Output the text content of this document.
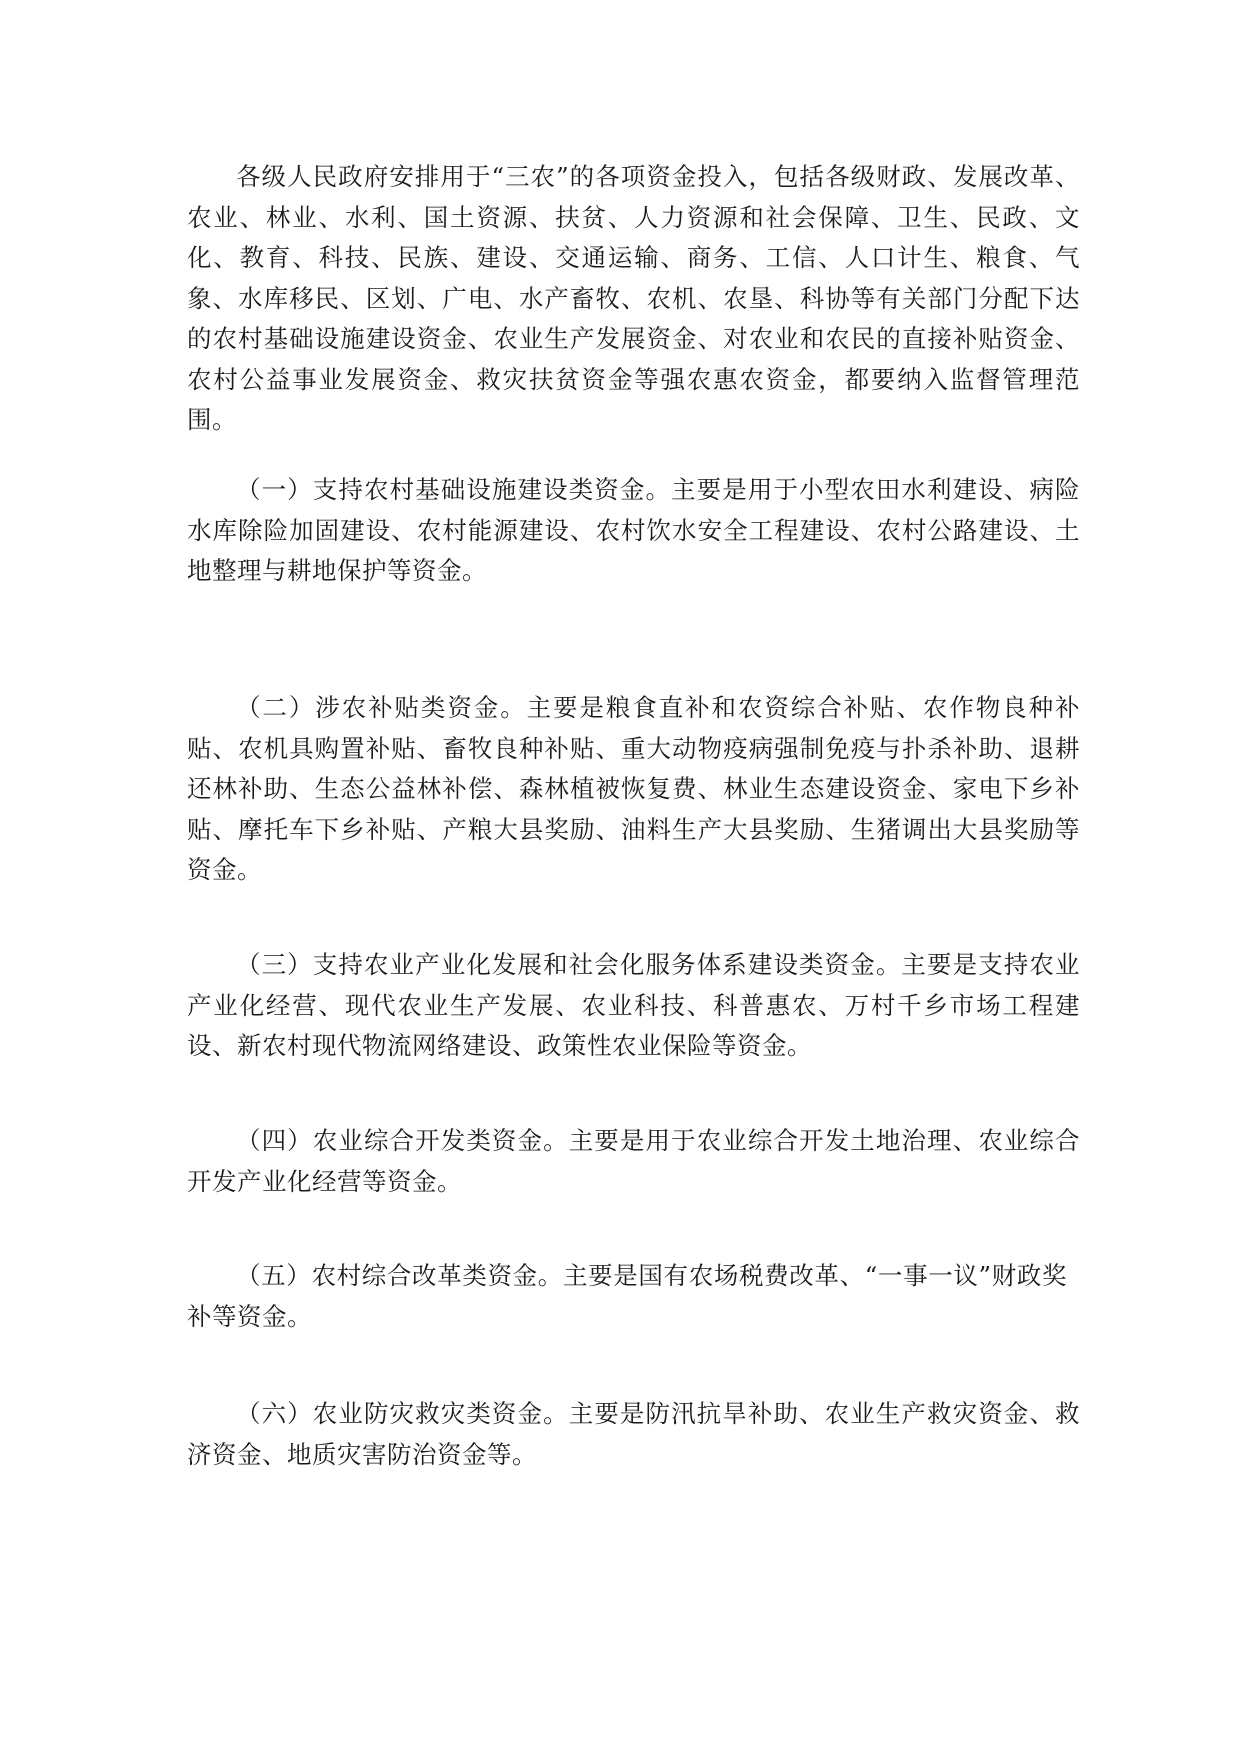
各级人民政府安排用于“三农”的各项资金投入，包括各级财政、发展改革、农业、林业、水利、国土资源、扶贫、人力资源和社会保障、卫生、民政、文化、教育、科技、民族、建设、交通运输、商务、工信、人口计生、粮食、气象、水库移民、区划、广电、水产畜牧、农机、农垦、科协等有关部门分配下达的农村基础设施建设资金、农业生产发展资金、对农业和农民的直接补贴资金、农村公益事业发展资金、救灾扶贫资金等强农惠农资金，都要纳入监督管理范围。

（一）支持农村基础设施建设类资金。主要是用于小型农田水利建设、病险水库除险加固建设、农村能源建设、农村饮水安全工程建设、农村公路建设、土地整理与耕地保护等资金。

（二）涉农补贴类资金。主要是粮食直补和农资综合补贴、农作物良种补贴、农机具购置补贴、畜牧良种补贴、重大动物疫病强制免疫与扑杀补助、退耕还林补助、生态公益林补偿、森林植被恢复费、林业生态建设资金、家电下乡补贴、摩托车下乡补贴、产粮大县奖励、油料生产大县奖励、生猪调出大县奖励等资金。

（三）支持农业产业化发展和社会化服务体系建设类资金。主要是支持农业产业化经营、现代农业生产发展、农业科技、科普惠农、万村千乡市场工程建设、新农村现代物流网络建设、政策性农业保险等资金。

（四）农业综合开发类资金。主要是用于农业综合开发土地治理、农业综合开发产业化经营等资金。

（五）农村综合改革类资金。主要是国有农场税费改革、“一事一议”财政奖补等资金。

（六）农业防灾救灾类资金。主要是防汛抗旱补助、农业生产救灾资金、救济资金、地质灾害防治资金等。
